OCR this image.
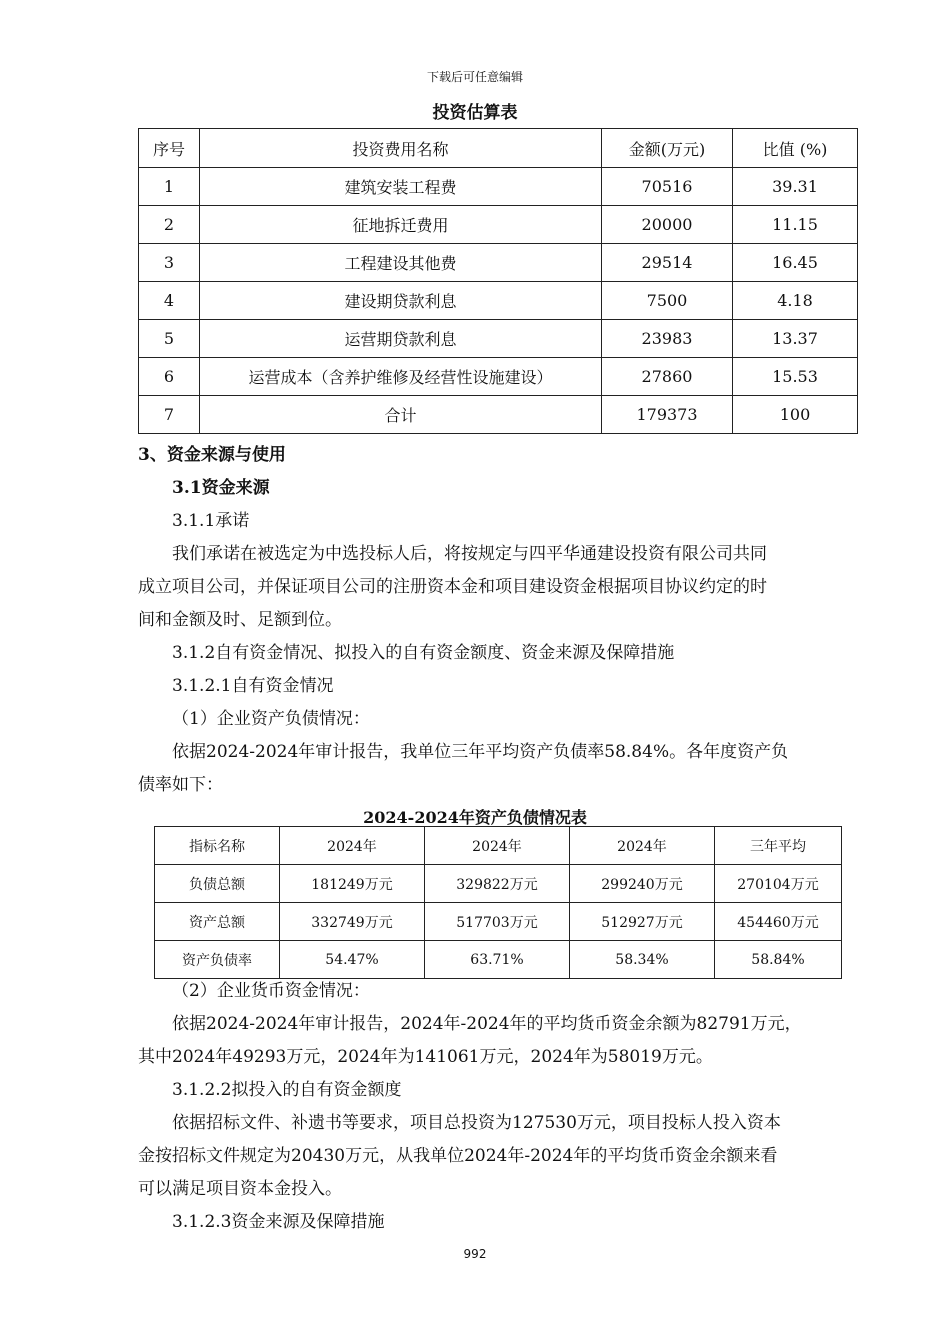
下载后可任意编辑
投资估算表
序号	投资费用名称	金额(万元)	比值 (%)
1	建筑安装工程费	70516	39.31
2	征地拆迁费用	20000	11.15
3	工程建设其他费	29514	16.45
4	建设期贷款利息	7500	4.18
5	运营期贷款利息	23983	13.37
6	运营成本（含养护维修及经营性设施建设）	27860	15.53
7	合计	179373	100
3、资金来源与使用
3.1资金来源
3.1.1承诺
我们承诺在被选定为中选投标人后，将按规定与四平华通建设投资有限公司共同
成立项目公司，并保证项目公司的注册资本金和项目建设资金根据项目协议约定的时
间和金额及时、足额到位。
3.1.2自有资金情况、拟投入的自有资金额度、资金来源及保障措施
3.1.2.1自有资金情况
（1）企业资产负债情况：
依据2024-2024年审计报告，我单位三年平均资产负债率58.84%。各年度资产负
债率如下：
2024-2024年资产负债情况表
指标名称	2024年	2024年	2024年	三年平均
负债总额	181249万元	329822万元	299240万元	270104万元
资产总额	332749万元	517703万元	512927万元	454460万元
资产负债率	54.47%	63.71%	58.34%	58.84%
（2）企业货币资金情况：
依据2024-2024年审计报告，2024年-2024年的平均货币资金余额为82791万元，
其中2024年49293万元，2024年为141061万元，2024年为58019万元。
3.1.2.2拟投入的自有资金额度
依据招标文件、补遗书等要求，项目总投资为127530万元，项目投标人投入资本
金按招标文件规定为20430万元，从我单位2024年-2024年的平均货币资金余额来看
可以满足项目资本金投入。
3.1.2.3资金来源及保障措施
992
